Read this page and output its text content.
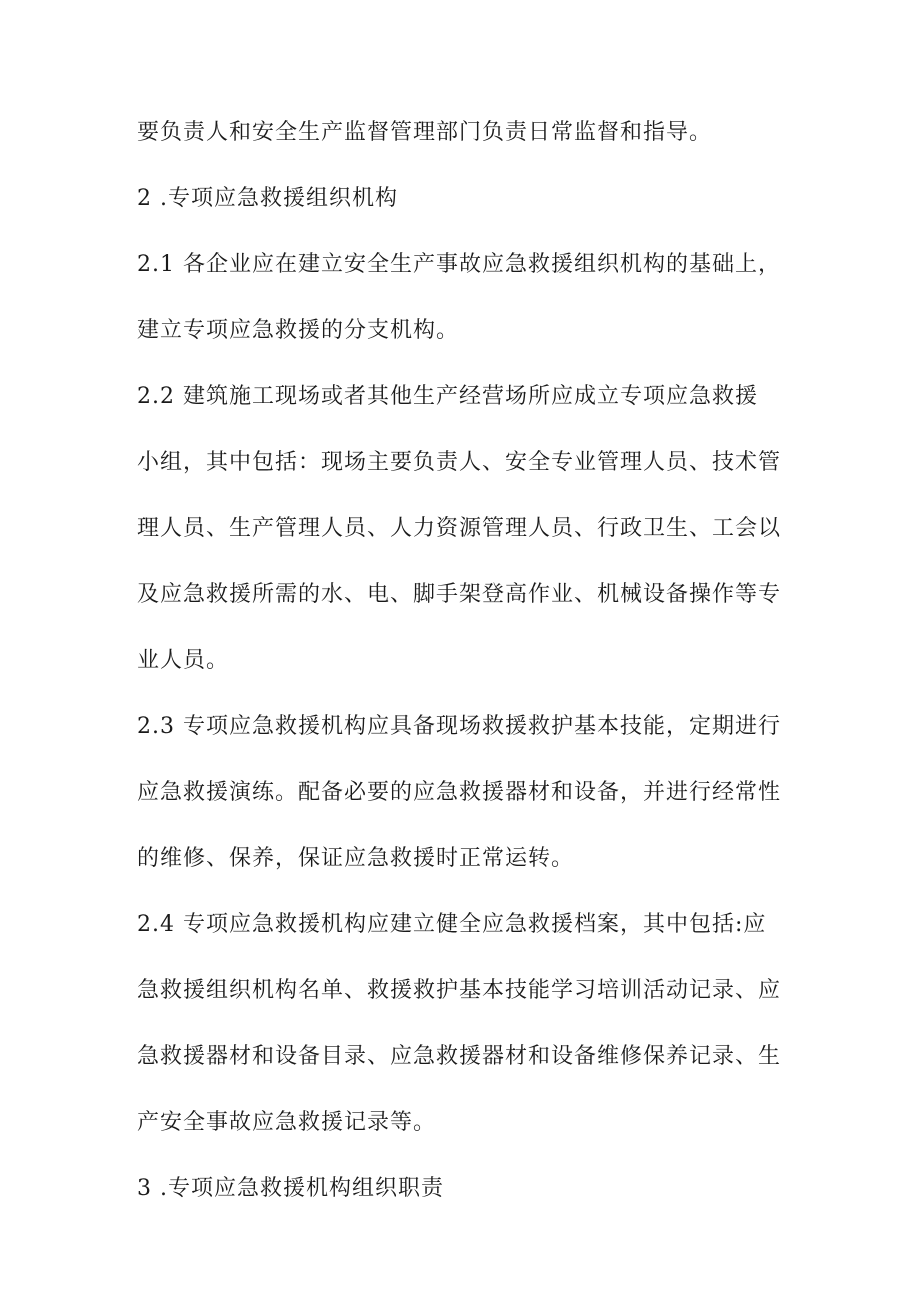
要负责人和安全生产监督管理部门负责日常监督和指导。
2 .专项应急救援组织机构
2.1 各企业应在建立安全生产事故应急救援组织机构的基础上，
建立专项应急救援的分支机构。
2.2 建筑施工现场或者其他生产经营场所应成立专项应急救援
小组，其中包括：现场主要负责人、安全专业管理人员、技术管
理人员、生产管理人员、人力资源管理人员、行政卫生、工会以
及应急救援所需的水、电、脚手架登高作业、机械设备操作等专
业人员。
2.3 专项应急救援机构应具备现场救援救护基本技能，定期进行
应急救援演练。配备必要的应急救援器材和设备，并进行经常性
的维修、保养，保证应急救援时正常运转。
2.4 专项应急救援机构应建立健全应急救援档案，其中包括:应
急救援组织机构名单、救援救护基本技能学习培训活动记录、应
急救援器材和设备目录、应急救援器材和设备维修保养记录、生
产安全事故应急救援记录等。
3 .专项应急救援机构组织职责
